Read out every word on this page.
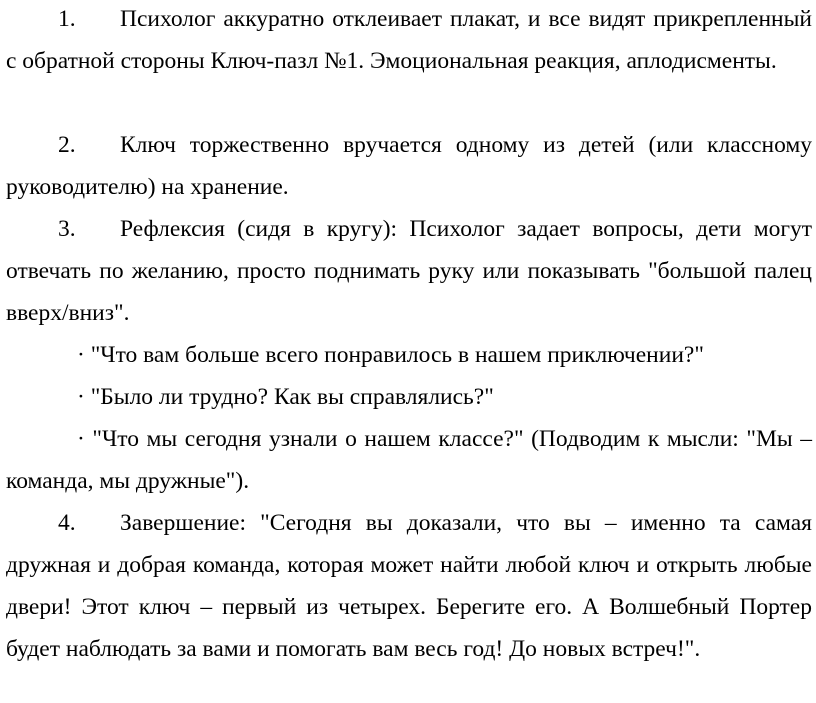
1. Психолог аккуратно отклеивает плакат, и все видят прикрепленный с обратной стороны Ключ-пазл №1. Эмоциональная реакция, аплодисменты.

2. Ключ торжественно вручается одному из детей (или классному руководителю) на хранение.

3. Рефлексия (сидя в кругу): Психолог задает вопросы, дети могут отвечать по желанию, просто поднимать руку или показывать "большой палец вверх/вниз".

· "Что вам больше всего понравилось в нашем приключении?"

· "Было ли трудно? Как вы справлялись?"

· "Что мы сегодня узнали о нашем классе?" (Подводим к мысли: "Мы – команда, мы дружные").

4. Завершение: "Сегодня вы доказали, что вы – именно та самая дружная и добрая команда, которая может найти любой ключ и открыть любые двери! Этот ключ – первый из четырех. Берегите его. А Волшебный Портер будет наблюдать за вами и помогать вам весь год! До новых встреч!".
